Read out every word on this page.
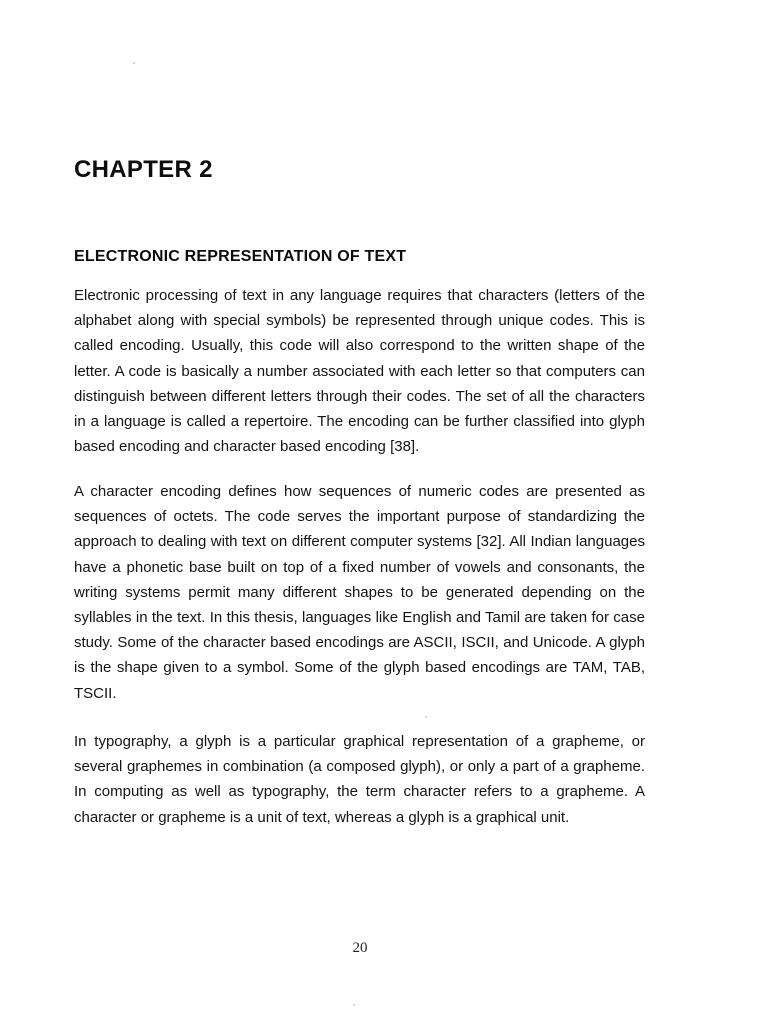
CHAPTER 2
ELECTRONIC REPRESENTATION OF TEXT

Electronic processing of text in any language requires that characters (letters of the alphabet along with special symbols) be represented through unique codes. This is called encoding. Usually, this code will also correspond to the written shape of the letter. A code is basically a number associated with each letter so that computers can distinguish between different letters through their codes. The set of all the characters in a language is called a repertoire. The encoding can be further classified into glyph based encoding and character based encoding [38].

A character encoding defines how sequences of numeric codes are presented as sequences of octets. The code serves the important purpose of standardizing the approach to dealing with text on different computer systems [32]. All Indian languages have a phonetic base built on top of a fixed number of vowels and consonants, the writing systems permit many different shapes to be generated depending on the syllables in the text. In this thesis, languages like English and Tamil are taken for case study. Some of the character based encodings are ASCII, ISCII, and Unicode. A glyph is the shape given to a symbol. Some of the glyph based encodings are TAM, TAB, TSCII.

In typography, a glyph is a particular graphical representation of a grapheme, or several graphemes in combination (a composed glyph), or only a part of a grapheme. In computing as well as typography, the term character refers to a grapheme. A character or grapheme is a unit of text, whereas a glyph is a graphical unit.

20
